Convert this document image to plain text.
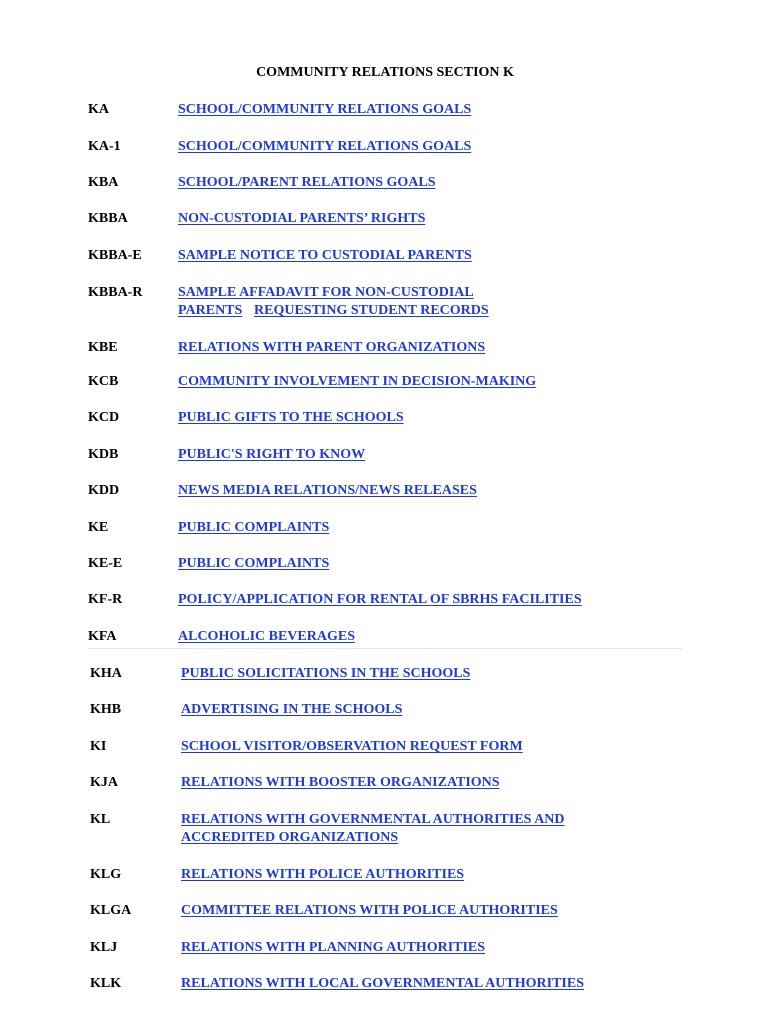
COMMUNITY RELATIONS SECTION K
KA	SCHOOL/COMMUNITY RELATIONS GOALS
KA-1	SCHOOL/COMMUNITY RELATIONS GOALS
KBA	SCHOOL/PARENT RELATIONS GOALS
KBBA	NON-CUSTODIAL PARENTS’ RIGHTS
KBBA-E	SAMPLE NOTICE TO CUSTODIAL PARENTS
KBBA-R	SAMPLE AFFADAVIT FOR NON-CUSTODIAL
PARENTS REQUESTING STUDENT RECORDS
KBE	RELATIONS WITH PARENT ORGANIZATIONS
KCB	COMMUNITY INVOLVEMENT IN DECISION-MAKING
KCD	PUBLIC GIFTS TO THE SCHOOLS
KDB	PUBLIC'S RIGHT TO KNOW
KDD	NEWS MEDIA RELATIONS/NEWS RELEASES
KE	PUBLIC COMPLAINTS
KE-E	PUBLIC COMPLAINTS
KF-R	POLICY/APPLICATION FOR RENTAL OF SBRHS FACILITIES
KFA	ALCOHOLIC BEVERAGES
KHA	PUBLIC SOLICITATIONS IN THE SCHOOLS
KHB	ADVERTISING IN THE SCHOOLS
KI	SCHOOL VISITOR/OBSERVATION REQUEST FORM
KJA	RELATIONS WITH BOOSTER ORGANIZATIONS
KL	RELATIONS WITH GOVERNMENTAL AUTHORITIES AND
ACCREDITED ORGANIZATIONS
KLG	RELATIONS WITH POLICE AUTHORITIES
KLGA	COMMITTEE RELATIONS WITH POLICE AUTHORITIES
KLJ	RELATIONS WITH PLANNING AUTHORITIES
KLK	RELATIONS WITH LOCAL GOVERNMENTAL AUTHORITIES
